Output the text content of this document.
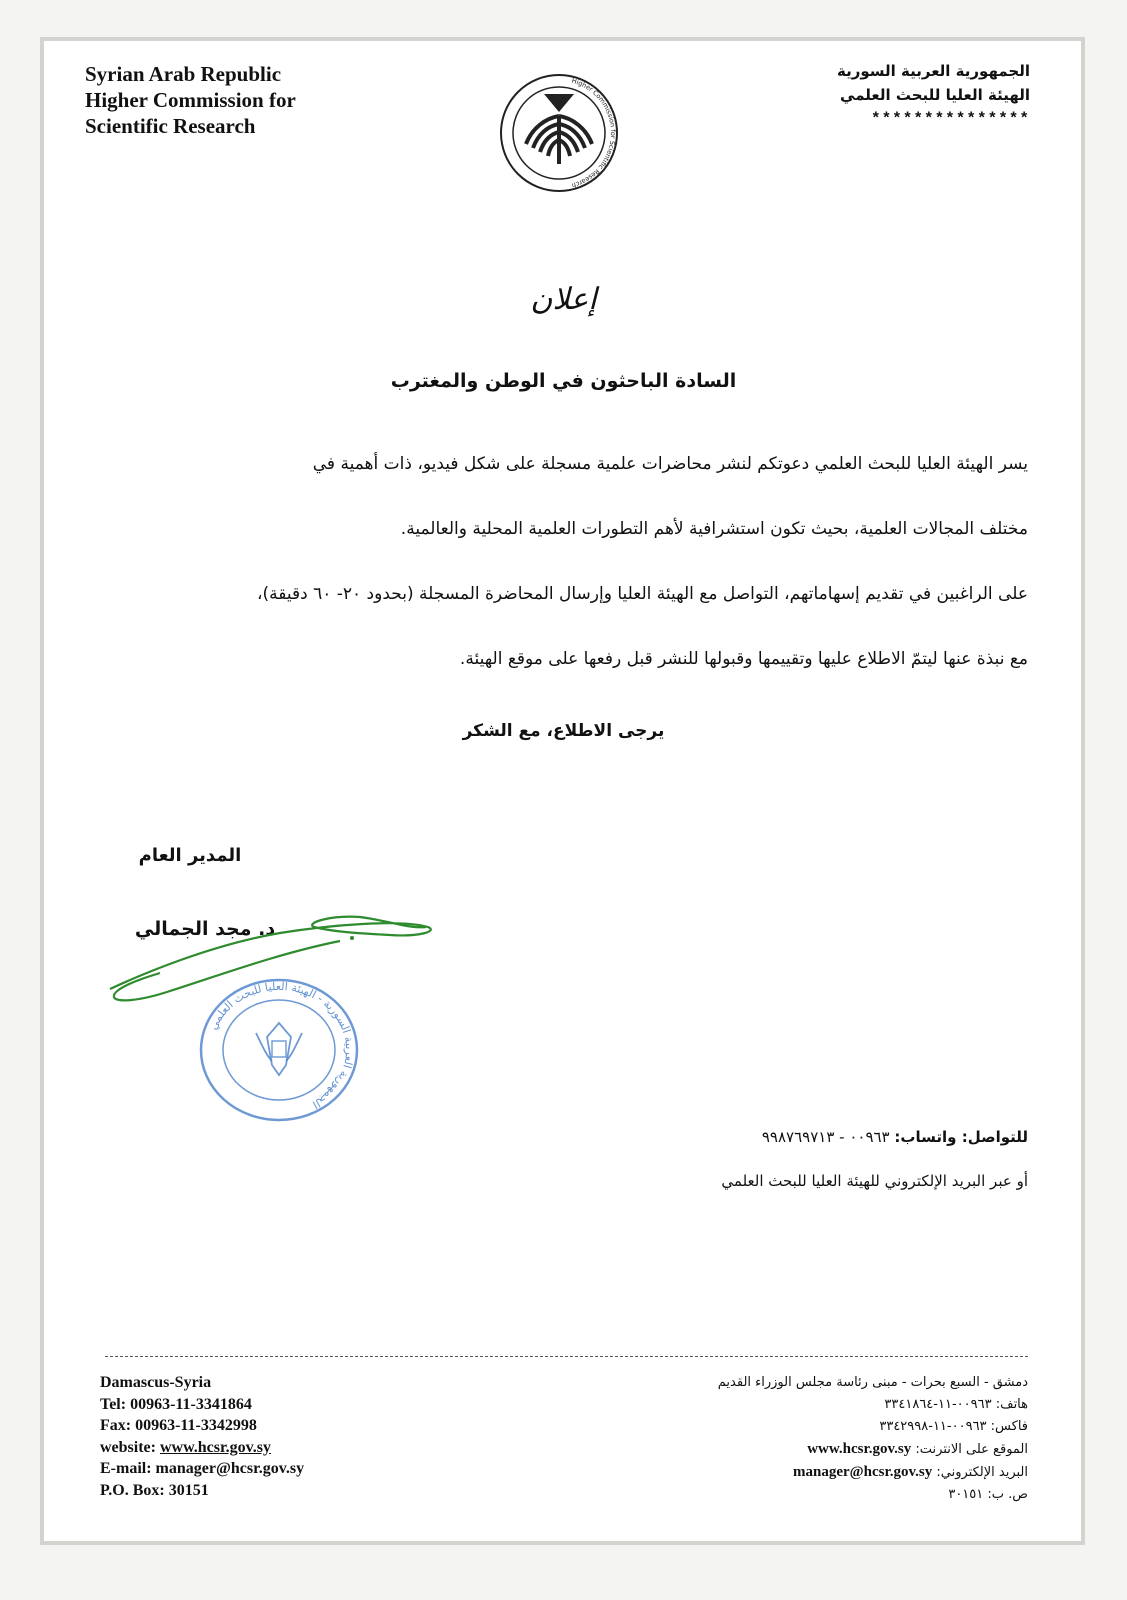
Syrian Arab Republic
Higher Commission for
Scientific Research
الجمهورية العربية السورية
الهيئة العليا للبحث العلمي
***************
Higher Commission for Scientific Research
إعلان
السادة الباحثون في الوطن والمغترب
يسر الهيئة العليا للبحث العلمي دعوتكم لنشر محاضرات علمية مسجلة على شكل فيديو، ذات أهمية في
مختلف المجالات العلمية، بحيث تكون استشرافية لأهم التطورات العلمية المحلية والعالمية.
على الراغبين في تقديم إسهاماتهم، التواصل مع الهيئة العليا وإرسال المحاضرة المسجلة (بحدود ٢٠- ٦٠ دقيقة)،
مع نبذة عنها ليتمّ الاطلاع عليها وتقييمها وقبولها للنشر قبل رفعها على موقع الهيئة.
يرجى الاطلاع، مع الشكر
المدير العام
د. مجد الجمالي
الجمهورية العربية السورية - الهيئة العليا للبحث العلمي
للتواصل: واتساب: ٠٠٩٦٣ - ٩٩٨٧٦٩٧١٣
أو عبر البريد الإلكتروني للهيئة العليا للبحث العلمي
Damascus-Syria
Tel: 00963-11-3341864
Fax: 00963-11-3342998
website: www.hcsr.gov.sy
E-mail: manager@hcsr.gov.sy
P.O. Box: 30151
دمشق - السبع بحرات - مبنى رئاسة مجلس الوزراء القديم
هاتف: ٠٠٩٦٣-١١-٣٣٤١٨٦٤
فاكس: ٠٠٩٦٣-١١-٣٣٤٢٩٩٨
الموقع على الانترنت: www.hcsr.gov.sy
البريد الإلكتروني: manager@hcsr.gov.sy
ص. ب: ٣٠١٥١
